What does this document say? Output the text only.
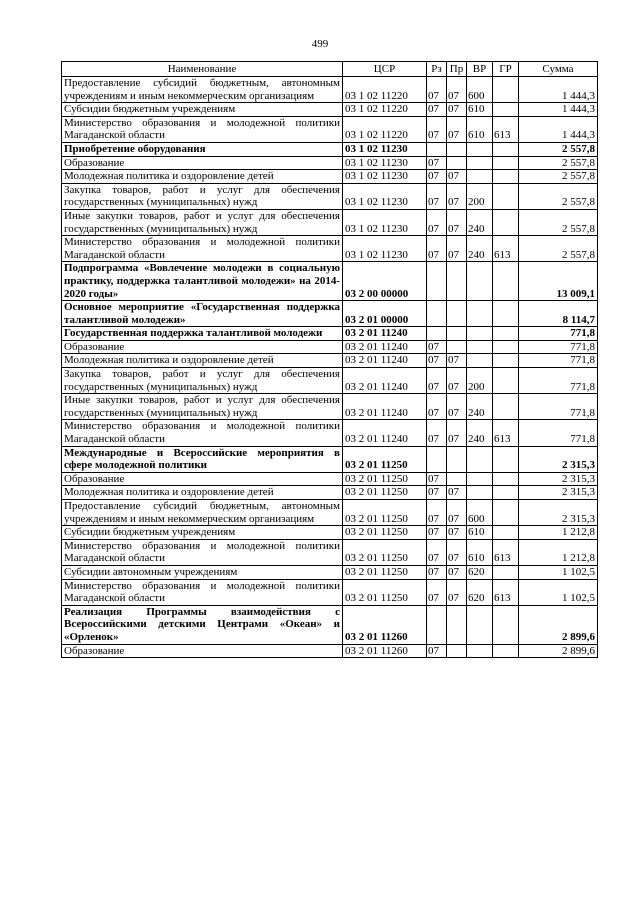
499
Наименование	ЦСР	Рз	Пр	ВР	ГР	Сумма
Предоставление субсидий бюджетным, автономным учреждениям и иным некоммерческим организациям	03 1 02 11220	07	07	600		1 444,3
Субсидии бюджетным учреждениям	03 1 02 11220	07	07	610		1 444,3
Министерство образования и молодежной политики Магаданской области	03 1 02 11220	07	07	610	613	1 444,3
Приобретение оборудования	03 1 02 11230					2 557,8
Образование	03 1 02 11230	07				2 557,8
Молодежная политика и оздоровление детей	03 1 02 11230	07	07			2 557,8
Закупка товаров, работ и услуг для обеспечения государственных (муниципальных) нужд	03 1 02 11230	07	07	200		2 557,8
Иные закупки товаров, работ и услуг для обеспечения государственных (муниципальных) нужд	03 1 02 11230	07	07	240		2 557,8
Министерство образования и молодежной политики Магаданской области	03 1 02 11230	07	07	240	613	2 557,8
Подпрограмма «Вовлечение молодежи в социальную практику, поддержка талантливой молодежи» на 2014-2020 годы»	03 2 00 00000					13 009,1
Основное мероприятие «Государственная поддержка талантливой молодежи»	03 2 01 00000					8 114,7
Государственная поддержка талантливой молодежи	03 2 01 11240					771,8
Образование	03 2 01 11240	07				771,8
Молодежная политика и оздоровление детей	03 2 01 11240	07	07			771,8
Закупка товаров, работ и услуг для обеспечения государственных (муниципальных) нужд	03 2 01 11240	07	07	200		771,8
Иные закупки товаров, работ и услуг для обеспечения государственных (муниципальных) нужд	03 2 01 11240	07	07	240		771,8
Министерство образования и молодежной политики Магаданской области	03 2 01 11240	07	07	240	613	771,8
Международные и Всероссийские мероприятия в сфере молодежной политики	03 2 01 11250					2 315,3
Образование	03 2 01 11250	07				2 315,3
Молодежная политика и оздоровление детей	03 2 01 11250	07	07			2 315,3
Предоставление субсидий бюджетным, автономным учреждениям и иным некоммерческим организациям	03 2 01 11250	07	07	600		2 315,3
Субсидии бюджетным учреждениям	03 2 01 11250	07	07	610		1 212,8
Министерство образования и молодежной политики Магаданской области	03 2 01 11250	07	07	610	613	1 212,8
Субсидии автономным учреждениям	03 2 01 11250	07	07	620		1 102,5
Министерство образования и молодежной политики Магаданской области	03 2 01 11250	07	07	620	613	1 102,5
Реализация Программы взаимодействия с Всероссийскими детскими Центрами «Океан» и «Орленок»	03 2 01 11260					2 899,6
Образование	03 2 01 11260	07				2 899,6
